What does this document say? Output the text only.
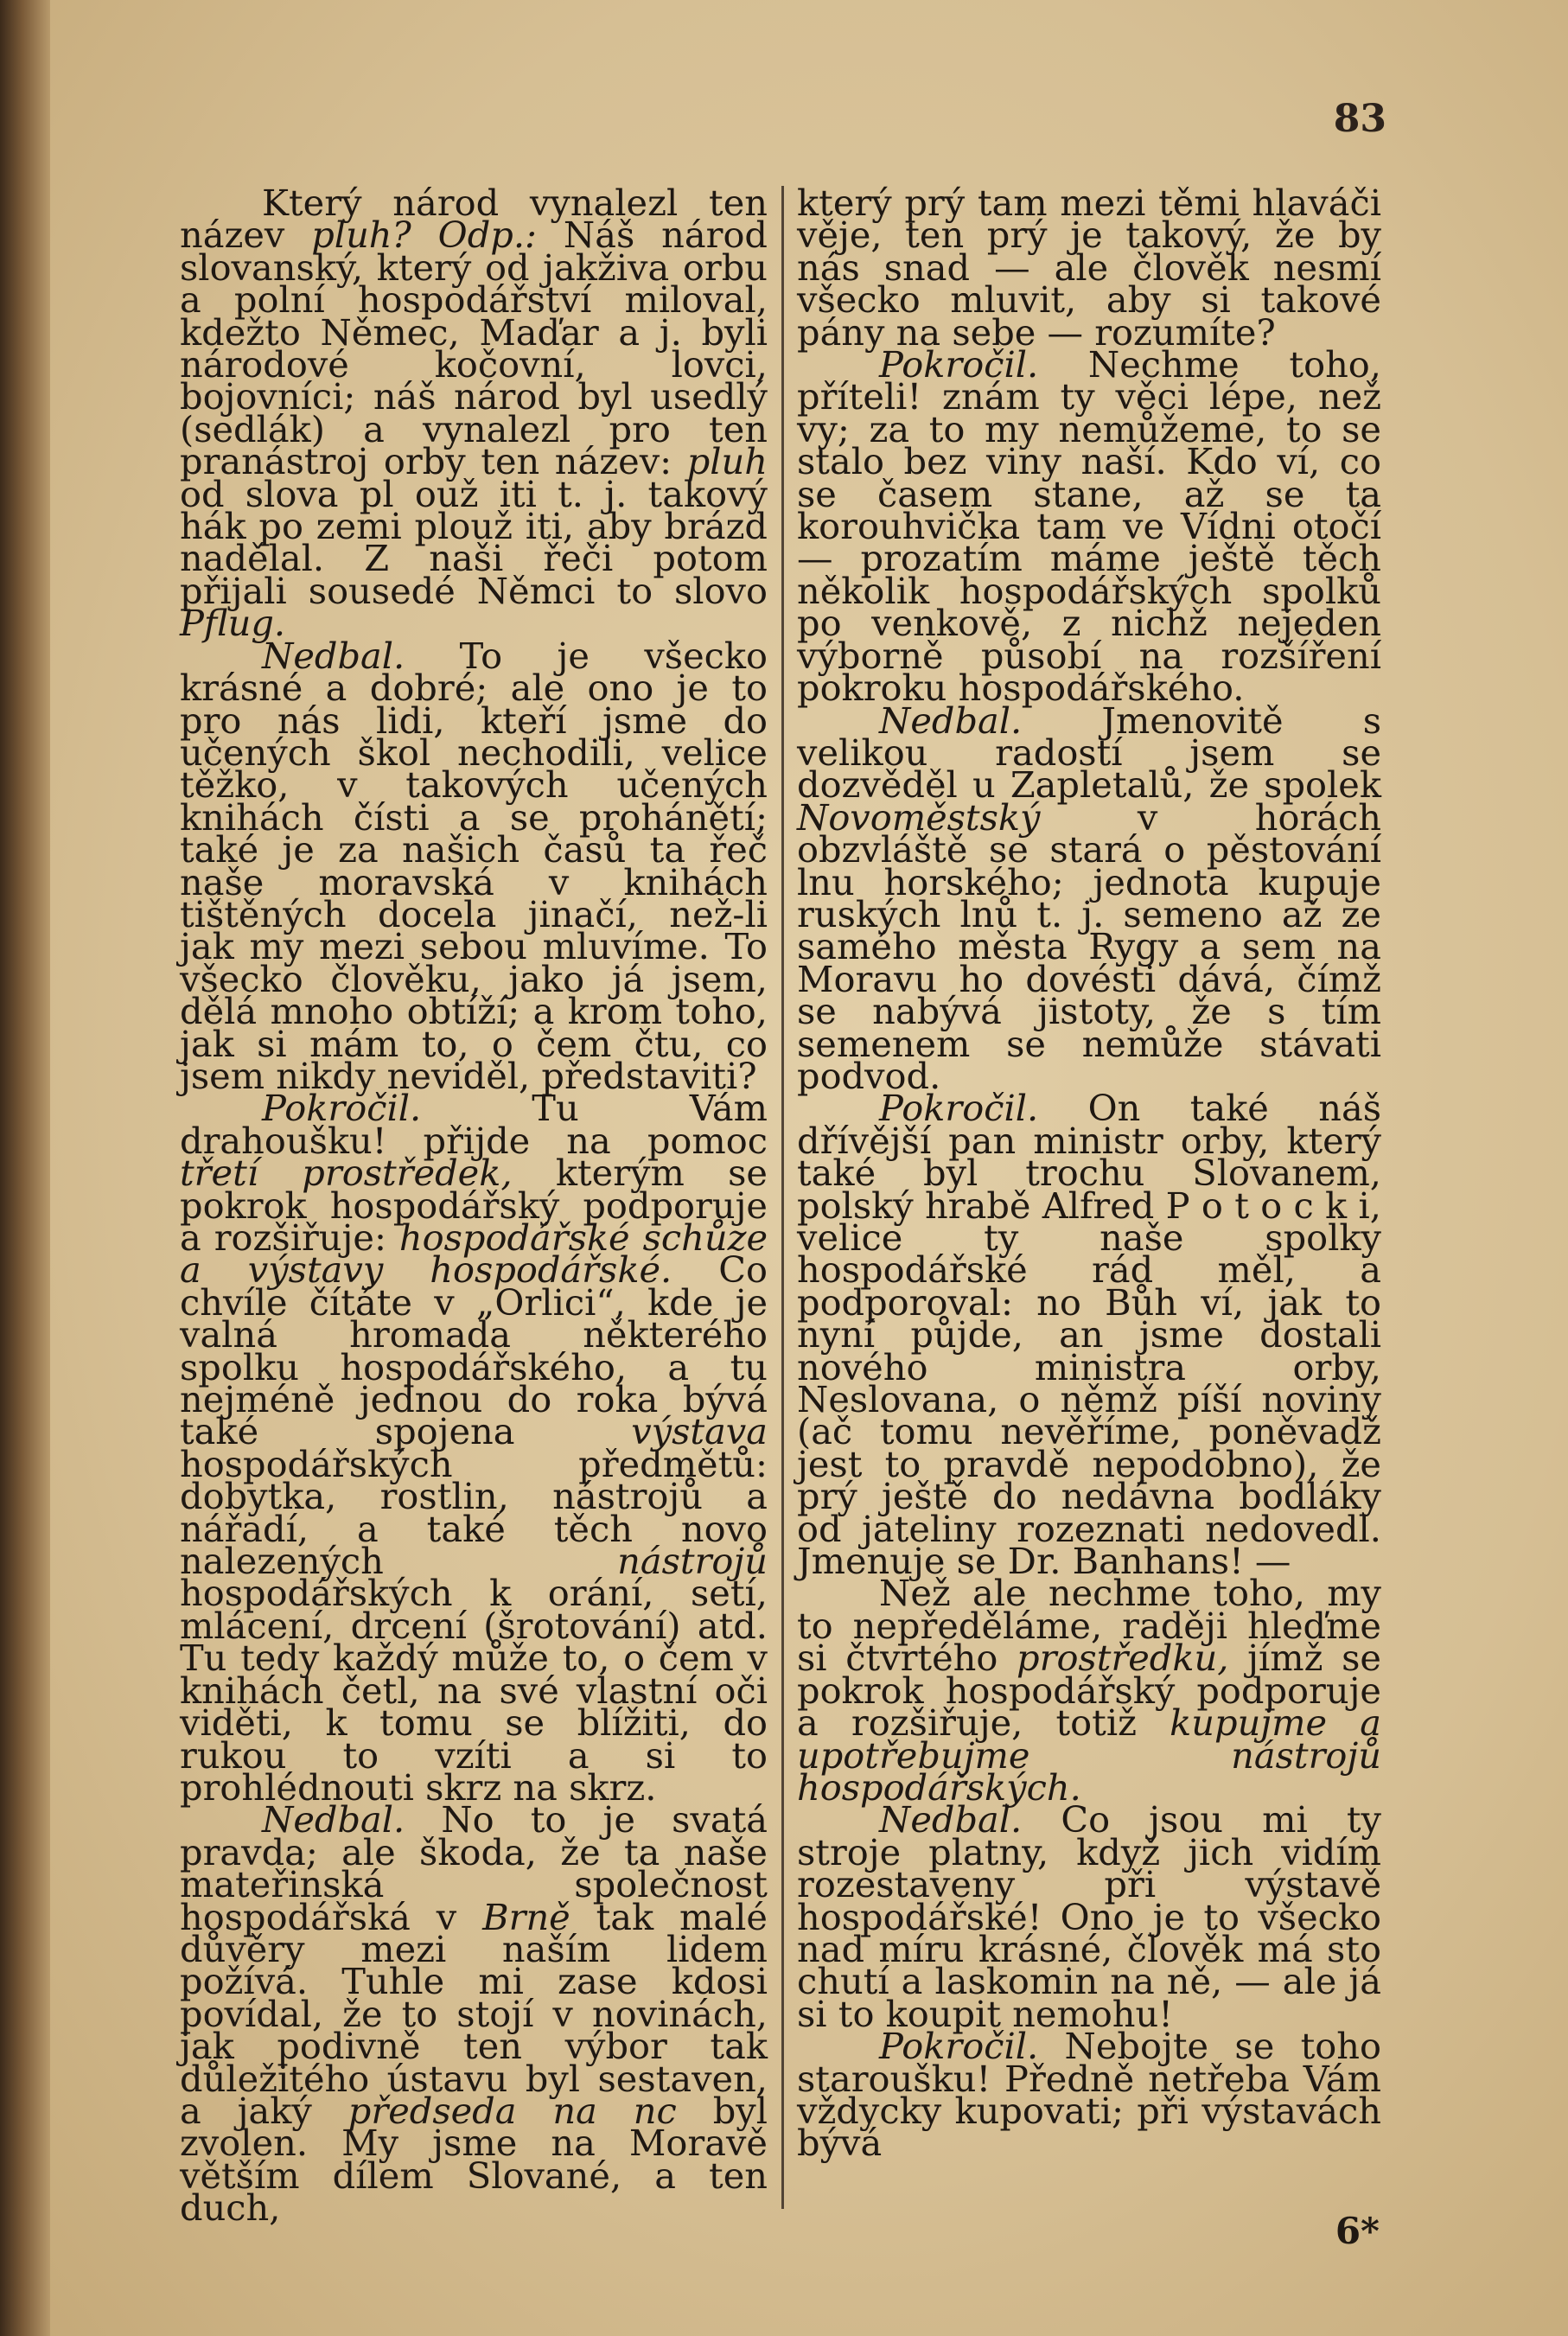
83

Který národ vynalezl ten název pluh? Odp.: Náš národ slovanský, který od jakživa orbu a polní hospodářství miloval, kdežto Němec, Maďar a j. byli národové kočovní, lovci, bojovníci; náš národ byl usedlý (sedlák) a vynalezl pro ten pranástroj orby ten název: pluh od slova pl ouž iti t. j. takový hák po zemi plouž iti, aby brázd nadělal. Z naši řeči potom přijali sousedé Němci to slovo Pflug.

Nedbal. To je všecko krásné a dobré; ale ono je to pro nás lidi, kteří jsme do učených škol nechodili, velice těžko, v takových učených knihách čísti a se prohánětí; také je za našich časů ta řeč naše moravská v knihách tištěných docela jinačí, než-li jak my mezi sebou mluvíme. To všecko člověku, jako já jsem, dělá mnoho obtíží; a krom toho, jak si mám to, o čem čtu, co jsem nikdy neviděl, představiti?

Pokročil. Tu Vám drahoušku! přijde na pomoc třetí prostředek, kterým se pokrok hospodářský podporuje a rozšiřuje: hospodářské schůze a výstavy hospodářské. Co chvíle čítáte v „Orlici“, kde je valná hromada některého spolku hospodářského, a tu nejméně jednou do roka bývá také spojena výstava hospodářských předmětů: dobytka, rostlin, nástrojů a nářadí, a také těch novo nalezených nástrojů hospodářských k orání, setí, mlácení, drcení (šrotování) atd. Tu tedy každý může to, o čem v knihách četl, na své vlastní oči viděti, k tomu se blížiti, do rukou to vzíti a si to prohlédnouti skrz na skrz.

Nedbal. No to je svatá pravda; ale škoda, že ta naše mateřinská společnost hospodářská v Brně tak malé důvěry mezi naším lidem požívá. Tuhle mi zase kdosi povídal, že to stojí v novinách, jak podivně ten výbor tak důležitého ústavu byl sestaven, a jaký předseda na nc byl zvolen. My jsme na Moravě větším dílem Slované, a ten duch,

který prý tam mezi těmi hlaváči věje, ten prý je takový, že by nás snad — ale člověk nesmí všecko mluvit, aby si takové pány na sebe — rozumíte?

Pokročil. Nechme toho, příteli! znám ty věci lépe, než vy; za to my nemůžeme, to se stalo bez viny naší. Kdo ví, co se časem stane, až se ta korouhvička tam ve Vídni otočí — prozatím máme ještě těch několik hospodářských spolků po venkově, z nichž nejeden výborně působí na rozšíření pokroku hospodářského.

Nedbal. Jmenovitě s velikou radostí jsem se dozvěděl u Zapletalů, že spolek Novoměstský v horách obzvláště se stará o pěstování lnu horského; jednota kupuje ruských lnů t. j. semeno až ze samého města Rygy a sem na Moravu ho dovésti dává, čímž se nabývá jistoty, že s tím semenem se nemůže stávati podvod.

Pokročil. On také náš dřívější pan ministr orby, který také byl trochu Slovanem, polský hrabě Alfred P o t o c k i, velice ty naše spolky hospodářské rád měl, a podporoval: no Bůh ví, jak to nyní půjde, an jsme dostali nového ministra orby, Neslovana, o němž píší noviny (ač tomu nevěříme, poněvadž jest to pravdě nepodobno), že prý ještě do nedávna bodláky od jateliny rozeznati nedovedl. Jmenuje se Dr. Banhans! —

Než ale nechme toho, my to nepředěláme, raději hleďme si čtvrtého prostředku, jímž se pokrok hospodářský podporuje a rozšiřuje, totiž kupujme a upotřebujme nástrojů hospodářských.

Nedbal. Co jsou mi ty stroje platny, když jich vidím rozestaveny při výstavě hospodářské! Ono je to všecko nad míru krásné, člověk má sto chutí a laskomin na ně, — ale já si to koupit nemohu!

Pokročil. Nebojte se toho staroušku! Předně netřeba Vám vždycky kupovati; při výstavách bývá

6*
